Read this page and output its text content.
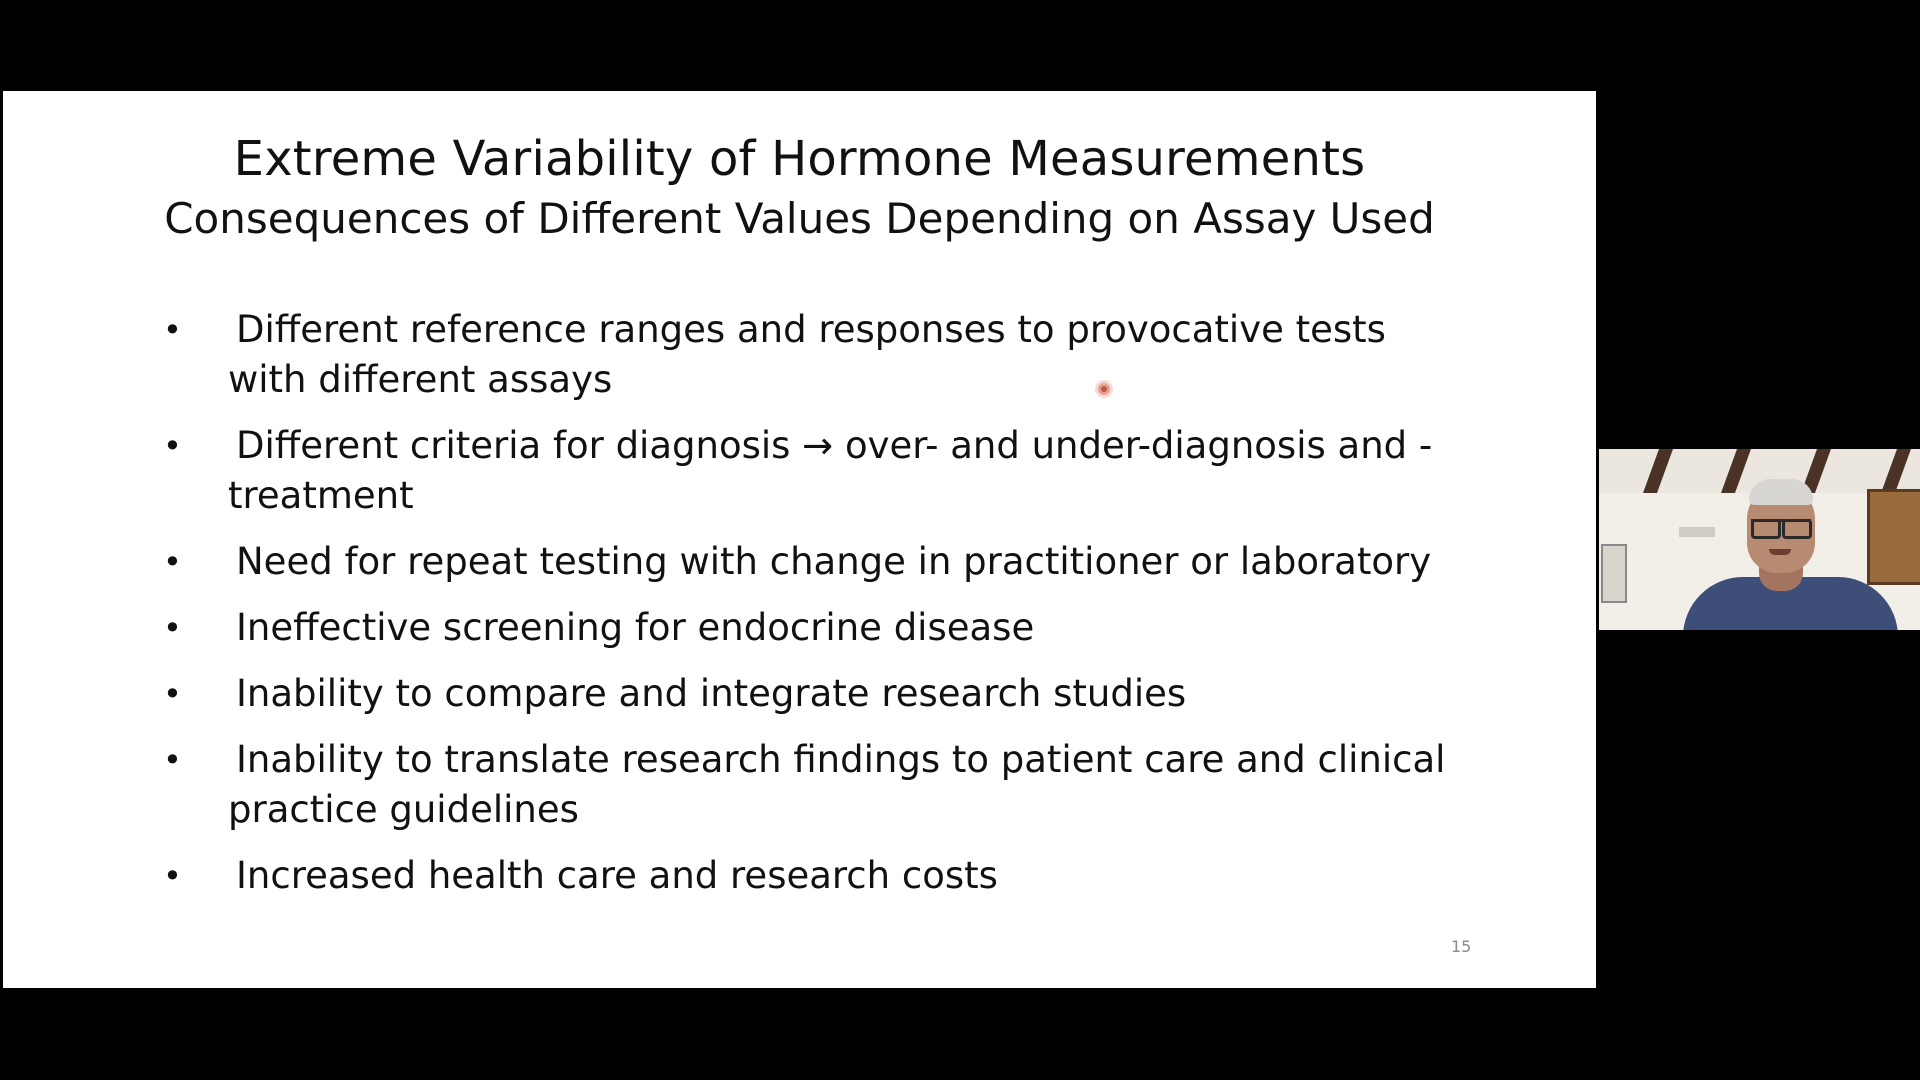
Extreme Variability of Hormone Measurements
Consequences of Different Values Depending on Assay Used
•	Different reference ranges and responses to provocative tests with different assays
•	Different criteria for diagnosis → over- and under-diagnosis and -treatment
•	Need for repeat testing with change in practitioner or laboratory
•	Ineffective screening for endocrine disease
•	Inability to compare and integrate research studies
•	Inability to translate research findings to patient care and clinical practice guidelines
•	Increased health care and research costs
15
